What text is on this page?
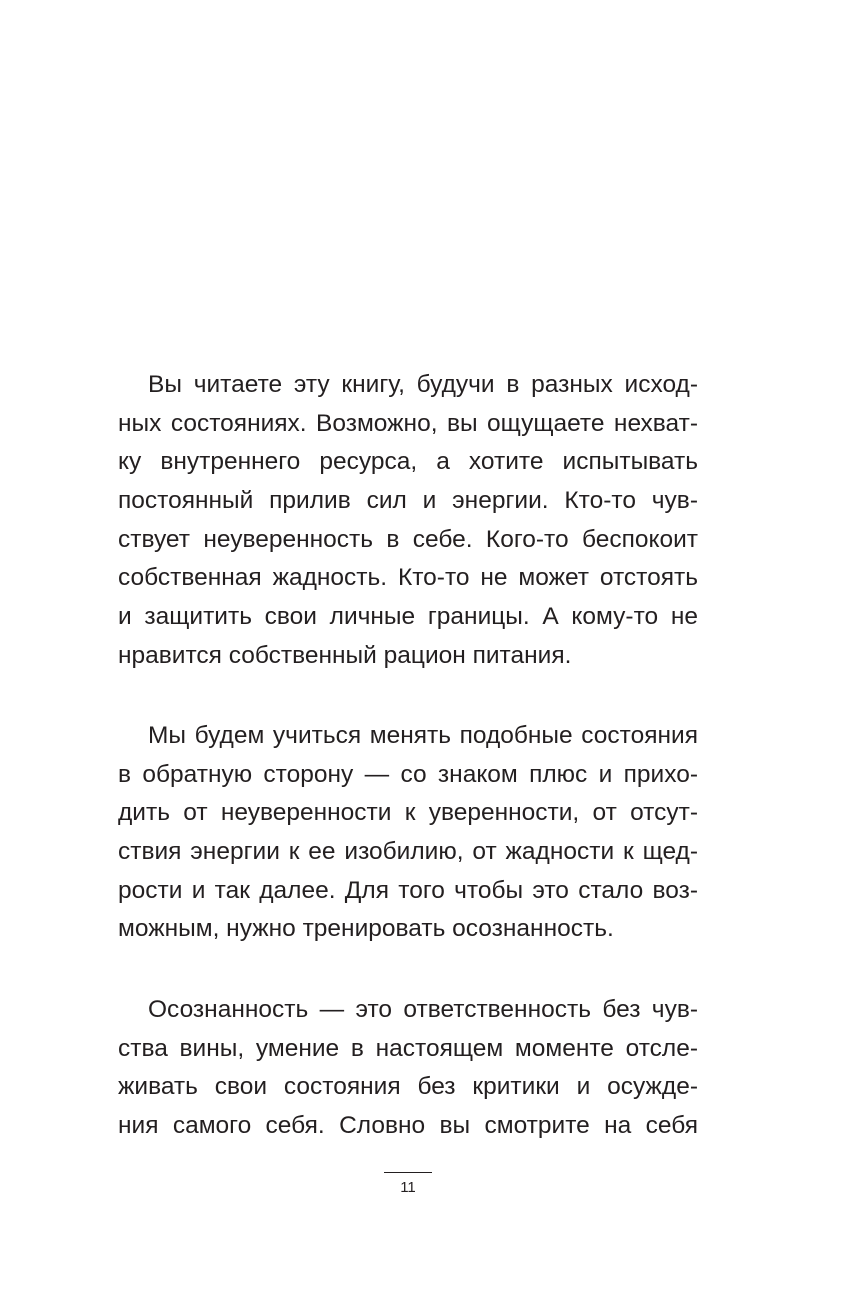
Вы читаете эту книгу, будучи в разных исход-
ных состояниях. Возможно, вы ощущаете нехват-
ку внутреннего ресурса, а хотите испытывать
постоянный прилив сил и энергии. Кто-то чув-
ствует неуверенность в себе. Кого-то беспокоит
собственная жадность. Кто-то не может отстоять
и защитить свои личные границы. А кому-то не
нравится собственный рацион питания.
Мы будем учиться менять подобные состояния
в обратную сторону — со знаком плюс и прихо-
дить от неуверенности к уверенности, от отсут-
ствия энергии к ее изобилию, от жадности к щед-
рости и так далее. Для того чтобы это стало воз-
можным, нужно тренировать осознанность.
Осознанность — это ответственность без чув-
ства вины, умение в настоящем моменте отсле-
живать свои состояния без критики и осужде-
ния самого себя. Словно вы смотрите на себя
11
